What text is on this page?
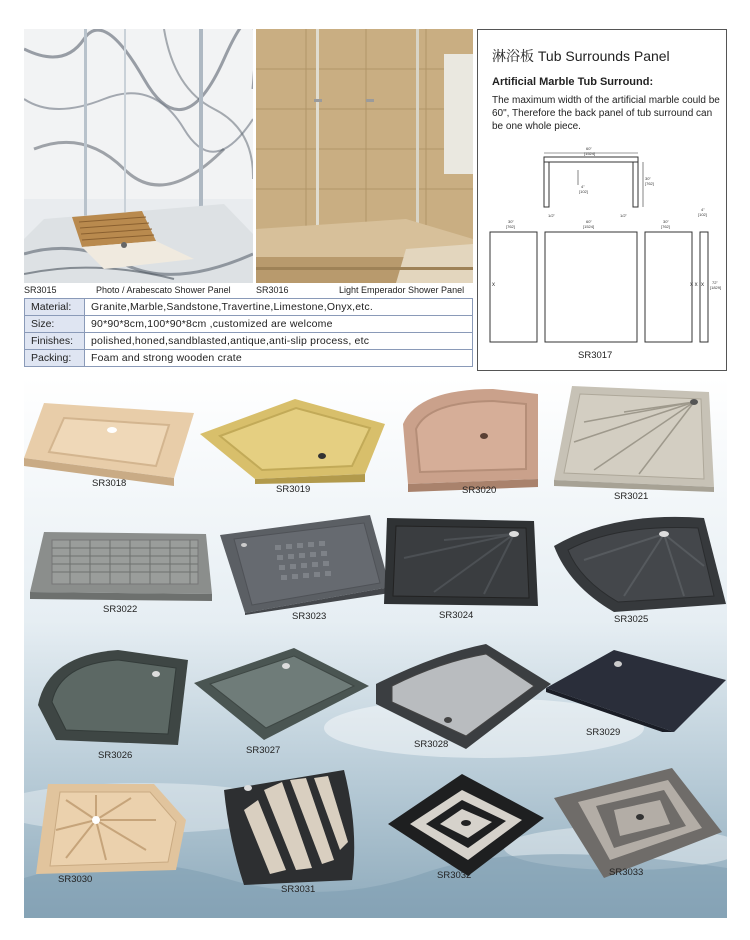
SR3015	Photo / Arabescato Shower Panel	SR3016	Light Emperador Shower Panel
Material:	Granite,Marble,Sandstone,Travertine,Limestone,Onyx,etc.
Size:	90*90*8cm,100*90*8cm ,customized are welcome
Finishes:	polished,honed,sandblasted,antique,anti-slip process, etc
Packing:	Foam and strong wooden crate
淋浴板 Tub Surrounds Panel
Artificial Marble Tub Surround:
The maximum width of the artificial marble could be 60", Therefore the back panel of tub surround can be one whole piece.
60"
[1524]
30"
[762]
4"
[102]
1/2"	1/2"
30"
[762]
60"
[1524]
30"
[762]
4"
[102]
72"
[1829]
x	x x x
SR3017
SR3018
SR3019	SR3020
SR3021
SR3022
SR3023	SR3024	SR3025
SR3026	SR3027
SR3028
SR3029
SR3030
SR3031
SR3032	SR3033
